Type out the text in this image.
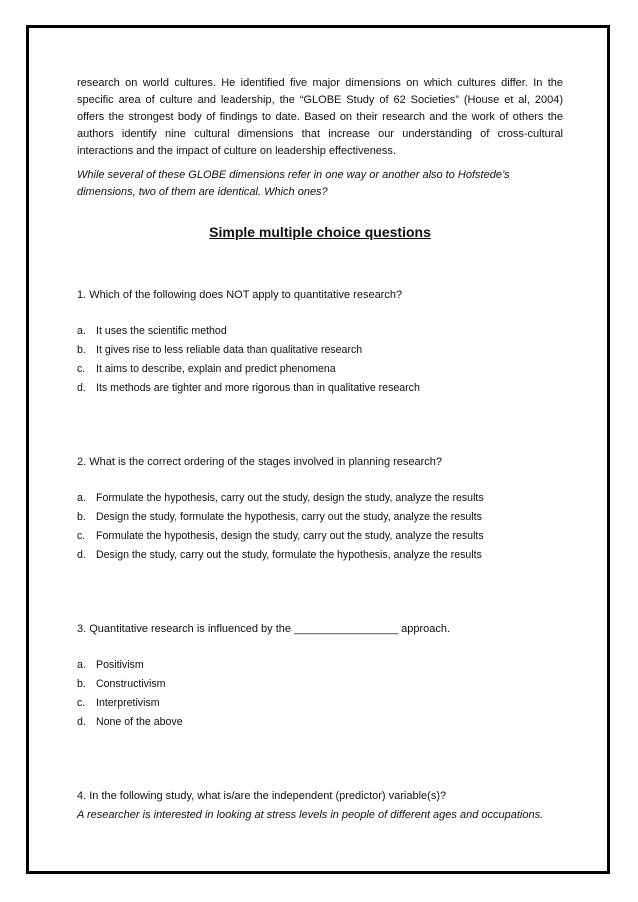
research on world cultures. He identified five major dimensions on which cultures differ. In the specific area of culture and leadership, the “GLOBE Study of 62 Societies” (House et al, 2004) offers the strongest body of findings to date. Based on their research and the work of others the authors identify nine cultural dimensions that increase our understanding of cross-cultural interactions and the impact of culture on leadership effectiveness.

While several of these GLOBE dimensions refer in one way or another also to Hofstede’s dimensions, two of them are identical. Which ones?

Simple multiple choice questions

1. Which of the following does NOT apply to quantitative research?

a. It uses the scientific method
b. It gives rise to less reliable data than qualitative research
c.	It aims to describe, explain and predict phenomena
d. Its methods are tighter and more rigorous than in qualitative research

2. What is the correct ordering of the stages involved in planning research?

a. Formulate the hypothesis, carry out the study, design the study, analyze the results
b. Design the study, formulate the hypothesis, carry out the study, analyze the results
c.	Formulate the hypothesis, design the study, carry out the study, analyze the results
d. Design the study, carry out the study, formulate the hypothesis, analyze the results

3. Quantitative research is influenced by the _________________ approach.

a. Positivism
b. Constructivism
c.	Interpretivism
d. None of the above

4. In the following study, what is/are the independent (predictor) variable(s)?

A researcher is interested in looking at stress levels in people of different ages and occupations.
